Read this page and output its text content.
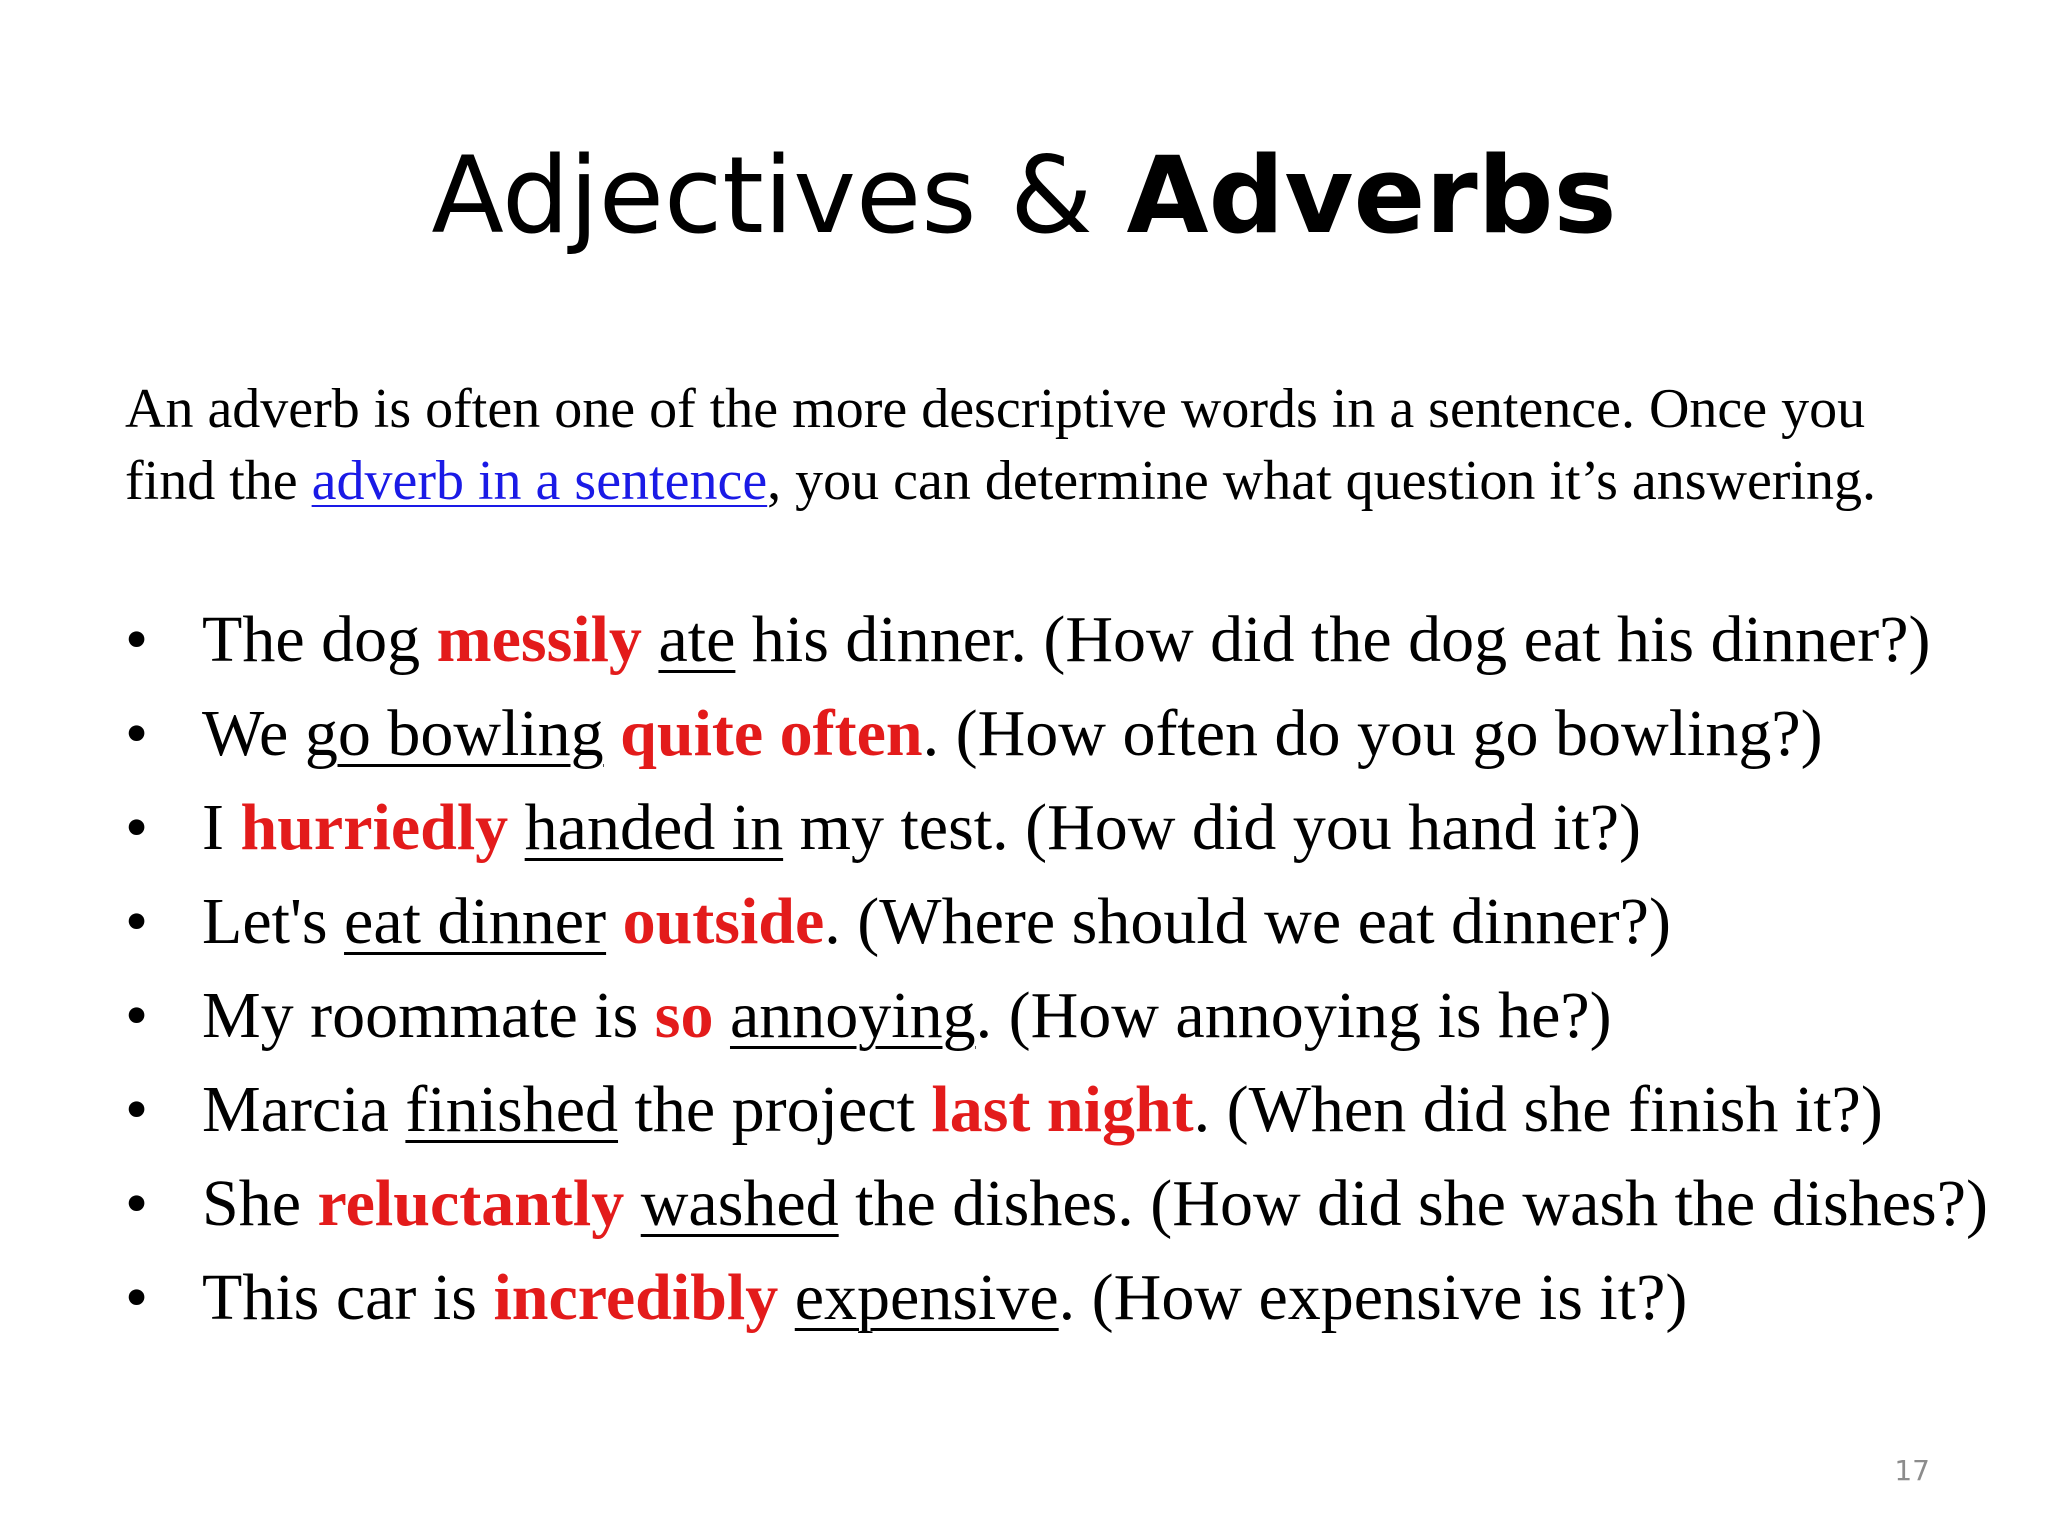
Adjectives & Adverbs
An adverb is often one of the more descriptive words in a sentence. Once you find the adverb in a sentence, you can determine what question it’s answering.
• The dog messily ate his dinner. (How did the dog eat his dinner?)
• We go bowling quite often. (How often do you go bowling?)
• I hurriedly handed in my test. (How did you hand it?)
• Let's eat dinner outside. (Where should we eat dinner?)
• My roommate is so annoying. (How annoying is he?)
• Marcia finished the project last night. (When did she finish it?)
• She reluctantly washed the dishes. (How did she wash the dishes?)
• This car is incredibly expensive. (How expensive is it?)
17
